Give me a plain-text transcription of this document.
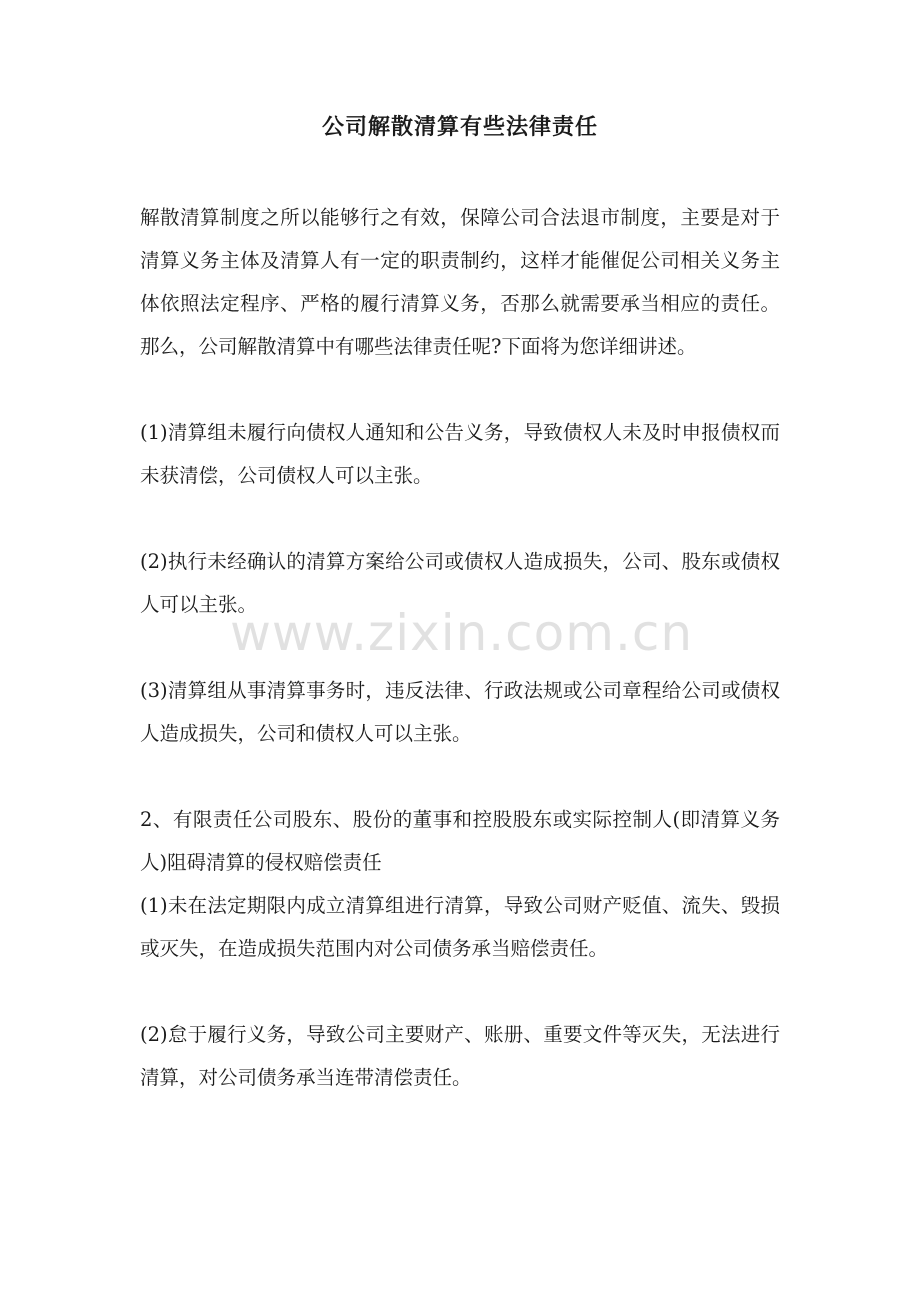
公司解散清算有些法律责任

解散清算制度之所以能够行之有效，保障公司合法退市制度，主要是对于清算义务主体及清算人有一定的职责制约，这样才能催促公司相关义务主体依照法定程序、严格的履行清算义务，否那么就需要承当相应的责任。那么，公司解散清算中有哪些法律责任呢?下面将为您详细讲述。

(1)清算组未履行向债权人通知和公告义务，导致债权人未及时申报债权而未获清偿，公司债权人可以主张。

(2)执行未经确认的清算方案给公司或债权人造成损失，公司、股东或债权人可以主张。

(3)清算组从事清算事务时，违反法律、行政法规或公司章程给公司或债权人造成损失，公司和债权人可以主张。

2、有限责任公司股东、股份的董事和控股股东或实际控制人(即清算义务人)阻碍清算的侵权赔偿责任

(1)未在法定期限内成立清算组进行清算，导致公司财产贬值、流失、毁损或灭失，在造成损失范围内对公司债务承当赔偿责任。

(2)怠于履行义务，导致公司主要财产、账册、重要文件等灭失，无法进行清算，对公司债务承当连带清偿责任。

www.zixin.com.cn
